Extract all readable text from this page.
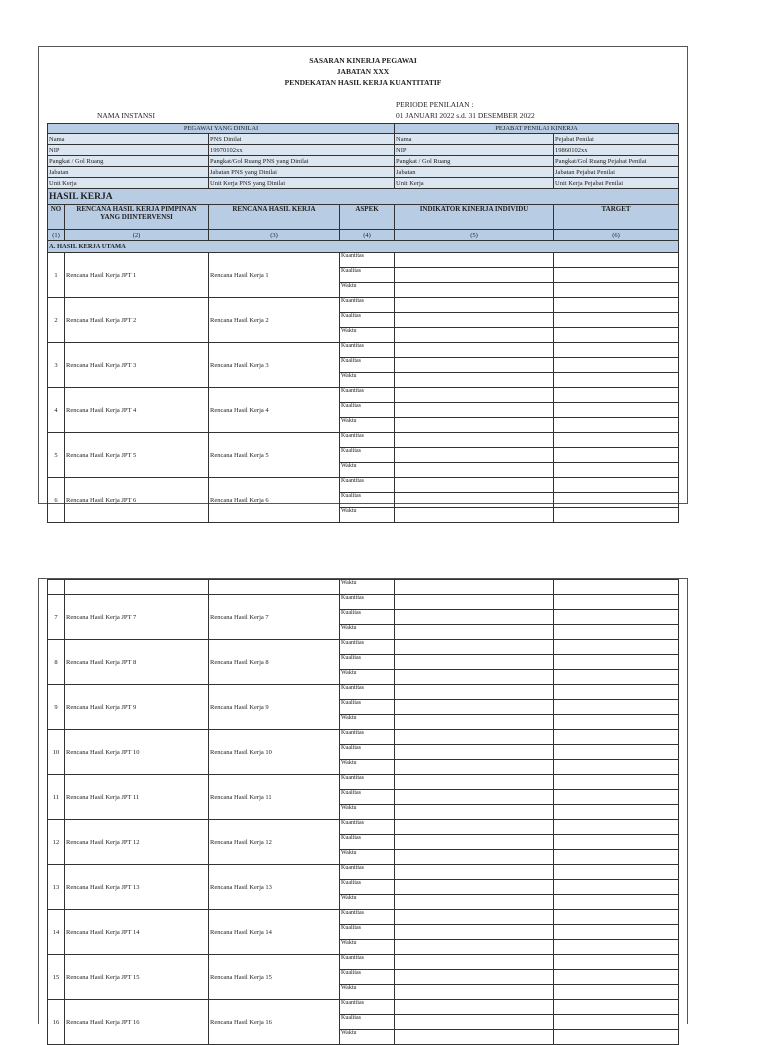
SASARAN KINERJA PEGAWAI
JABATAN XXX
PENDEKATAN HASIL KERJA KUANTITATIF
PERIODE PENILAIAN :
NAMA INSTANSI	01 JANUARI 2022 s.d. 31 DESEMBER 2022
PEGAWAI YANG DINILAI				PEJABAT PENILAI KINERJA	
Nama		PNS Dinilai		Nama	Pejabat Penilai
NIP		19970102xx		NIP	19860102xx
Pangkat / Gol Ruang		Pangkat/Gol Ruang PNS yang Dinilai		Pangkat / Gol Ruang	Pangkat/Gol Ruang Pejabat Penilai
Jabatan		Jabatan PNS yang Dinilai		Jabatan	Jabatan Pejabat Penilai
Unit Kerja		Unit Kerja PNS yang Dinilai		Unit Kerja	Unit Kerja Pejabat Penilai
HASIL KERJA					
NO	RENCANA HASIL KERJA PIMPINAN YANG DIINTERVENSI	RENCANA HASIL KERJA	ASPEK	INDIKATOR KINERJA INDIVIDU	TARGET
(1)	(2)	(3)	(4)	(5)	(6)
A. HASIL KERJA UTAMA					
1	Rencana Hasil Kerja JPT 1	Rencana Hasil Kerja 1	Kuantitas		
			Kualitas		
			Waktu		
2	Rencana Hasil Kerja JPT 2	Rencana Hasil Kerja 2	Kuantitas		
			Kualitas		
			Waktu		
3	Rencana Hasil Kerja JPT 3	Rencana Hasil Kerja 3	Kuantitas		
			Kualitas		
			Waktu		
4	Rencana Hasil Kerja JPT 4	Rencana Hasil Kerja 4	Kuantitas		
			Kualitas		
			Waktu		
5	Rencana Hasil Kerja JPT 5	Rencana Hasil Kerja 5	Kuantitas		
			Kualitas		
			Waktu		
6	Rencana Hasil Kerja JPT 6	Rencana Hasil Kerja 6	Kuantitas		
			Kualitas		
			Waktu		
			Waktu		
7	Rencana Hasil Kerja JPT 7	Rencana Hasil Kerja 7	Kuantitas		
			Kualitas		
			Waktu		
8	Rencana Hasil Kerja JPT 8	Rencana Hasil Kerja 8	Kuantitas		
			Kualitas		
			Waktu		
9	Rencana Hasil Kerja JPT 9	Rencana Hasil Kerja 9	Kuantitas		
			Kualitas		
			Waktu		
10	Rencana Hasil Kerja JPT 10	Rencana Hasil Kerja 10	Kuantitas		
			Kualitas		
			Waktu		
11	Rencana Hasil Kerja JPT 11	Rencana Hasil Kerja 11	Kuantitas		
			Kualitas		
			Waktu		
12	Rencana Hasil Kerja JPT 12	Rencana Hasil Kerja 12	Kuantitas		
			Kualitas		
			Waktu		
13	Rencana Hasil Kerja JPT 13	Rencana Hasil Kerja 13	Kuantitas		
			Kualitas		
			Waktu		
14	Rencana Hasil Kerja JPT 14	Rencana Hasil Kerja 14	Kuantitas		
			Kualitas		
			Waktu		
15	Rencana Hasil Kerja JPT 15	Rencana Hasil Kerja 15	Kuantitas		
			Kualitas		
			Waktu		
16	Rencana Hasil Kerja JPT 16	Rencana Hasil Kerja 16	Kuantitas		
			Kualitas		
			Waktu		
